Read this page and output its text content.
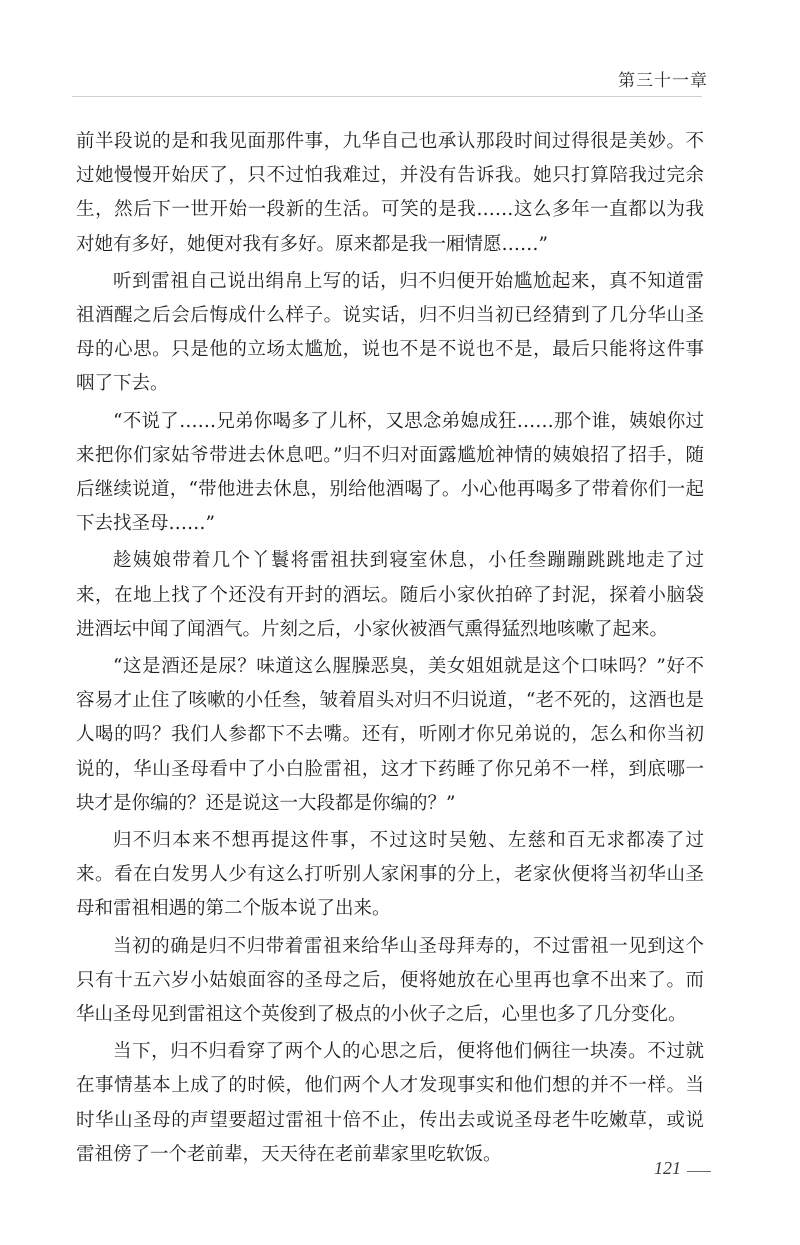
第三十一章

前半段说的是和我见面那件事，九华自己也承认那段时间过得很是美妙。不过她慢慢开始厌了，只不过怕我难过，并没有告诉我。她只打算陪我过完余生，然后下一世开始一段新的生活。可笑的是我……这么多年一直都以为我对她有多好，她便对我有多好。原来都是我一厢情愿……”

听到雷祖自己说出绢帛上写的话，归不归便开始尴尬起来，真不知道雷祖酒醒之后会后悔成什么样子。说实话，归不归当初已经猜到了几分华山圣母的心思。只是他的立场太尴尬，说也不是不说也不是，最后只能将这件事咽了下去。

“不说了……兄弟你喝多了儿杯，又思念弟媳成狂……那个谁，姨娘你过来把你们家姑爷带进去休息吧。”归不归对面露尴尬神情的姨娘招了招手，随后继续说道，“带他进去休息，别给他酒喝了。小心他再喝多了带着你们一起下去找圣母……”

趁姨娘带着几个丫鬟将雷祖扶到寝室休息，小任叁蹦蹦跳跳地走了过来，在地上找了个还没有开封的酒坛。随后小家伙拍碎了封泥，探着小脑袋进酒坛中闻了闻酒气。片刻之后，小家伙被酒气熏得猛烈地咳嗽了起来。

“这是酒还是尿？味道这么腥臊恶臭，美女姐姐就是这个口味吗？”好不容易才止住了咳嗽的小任叁，皱着眉头对归不归说道，“老不死的，这酒也是人喝的吗？我们人参都下不去嘴。还有，听刚才你兄弟说的，怎么和你当初说的，华山圣母看中了小白脸雷祖，这才下药睡了你兄弟不一样，到底哪一块才是你编的？还是说这一大段都是你编的？”

归不归本来不想再提这件事，不过这时吴勉、左慈和百无求都凑了过来。看在白发男人少有这么打听别人家闲事的分上，老家伙便将当初华山圣母和雷祖相遇的第二个版本说了出来。

当初的确是归不归带着雷祖来给华山圣母拜寿的，不过雷祖一见到这个只有十五六岁小姑娘面容的圣母之后，便将她放在心里再也拿不出来了。而华山圣母见到雷祖这个英俊到了极点的小伙子之后，心里也多了几分变化。

当下，归不归看穿了两个人的心思之后，便将他们俩往一块凑。不过就在事情基本上成了的时候，他们两个人才发现事实和他们想的并不一样。当时华山圣母的声望要超过雷祖十倍不止，传出去或说圣母老牛吃嫩草，或说雷祖傍了一个老前辈，天天待在老前辈家里吃软饭。

121
